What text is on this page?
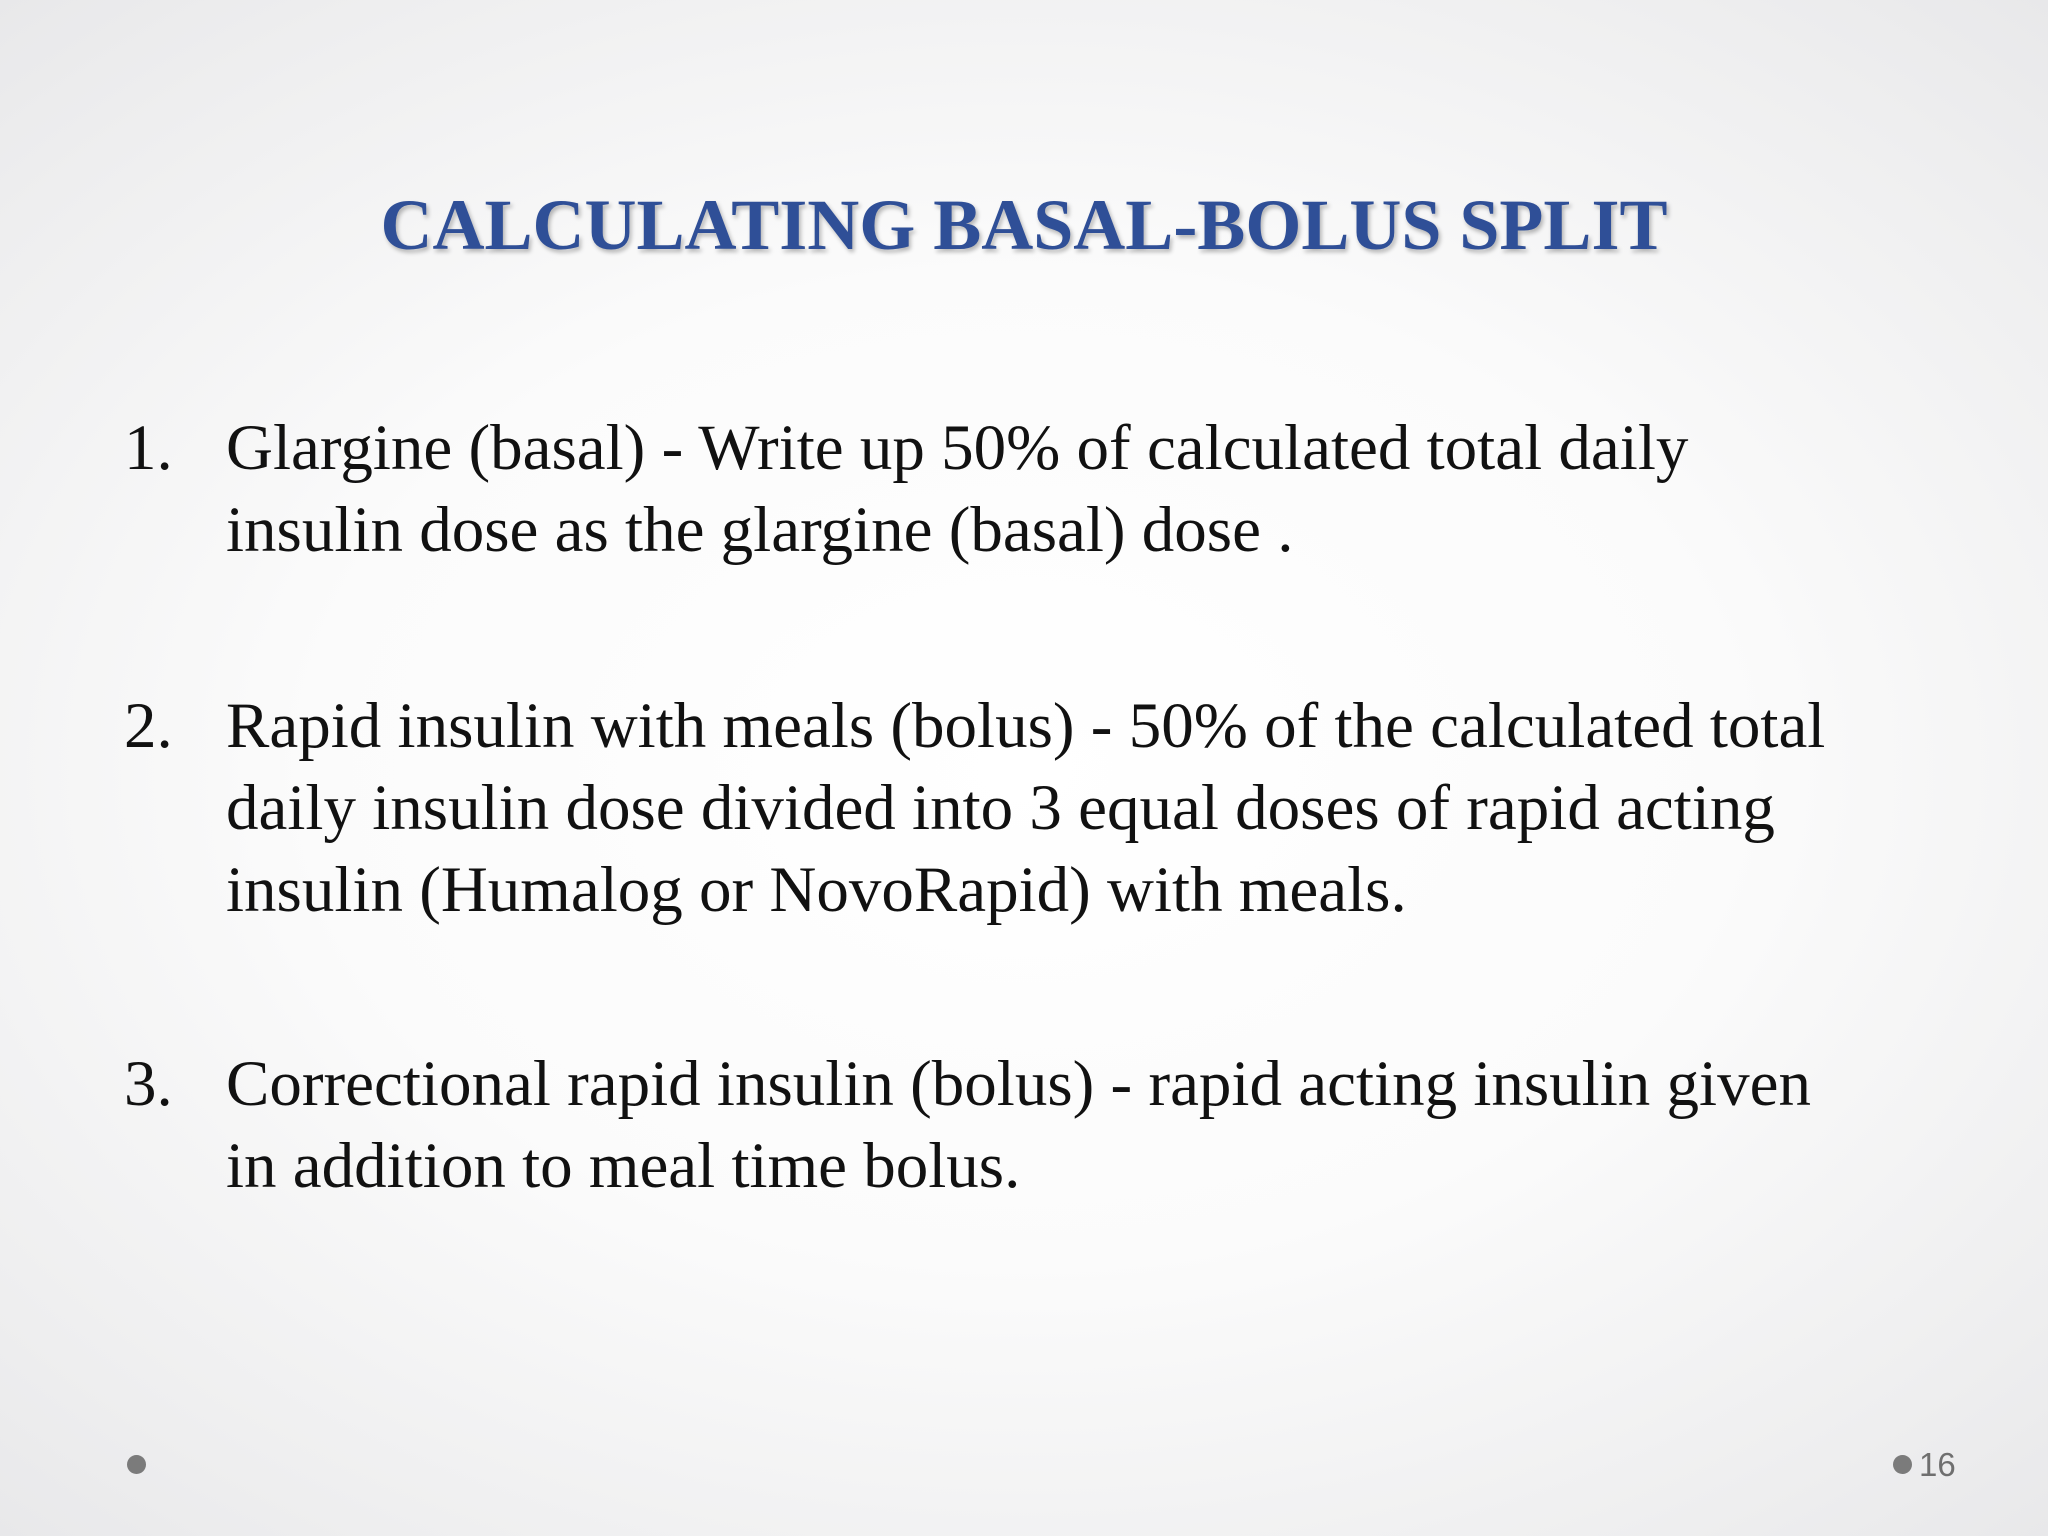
CALCULATING BASAL-BOLUS SPLIT
1. Glargine (basal) - Write up 50% of calculated total daily
insulin dose as the glargine (basal) dose .
2. Rapid insulin with meals (bolus) - 50% of the calculated total
daily insulin dose divided into 3 equal doses of rapid acting
insulin (Humalog or NovoRapid) with meals.
3. Correctional rapid insulin (bolus) - rapid acting insulin given
in addition to meal time bolus.
16
